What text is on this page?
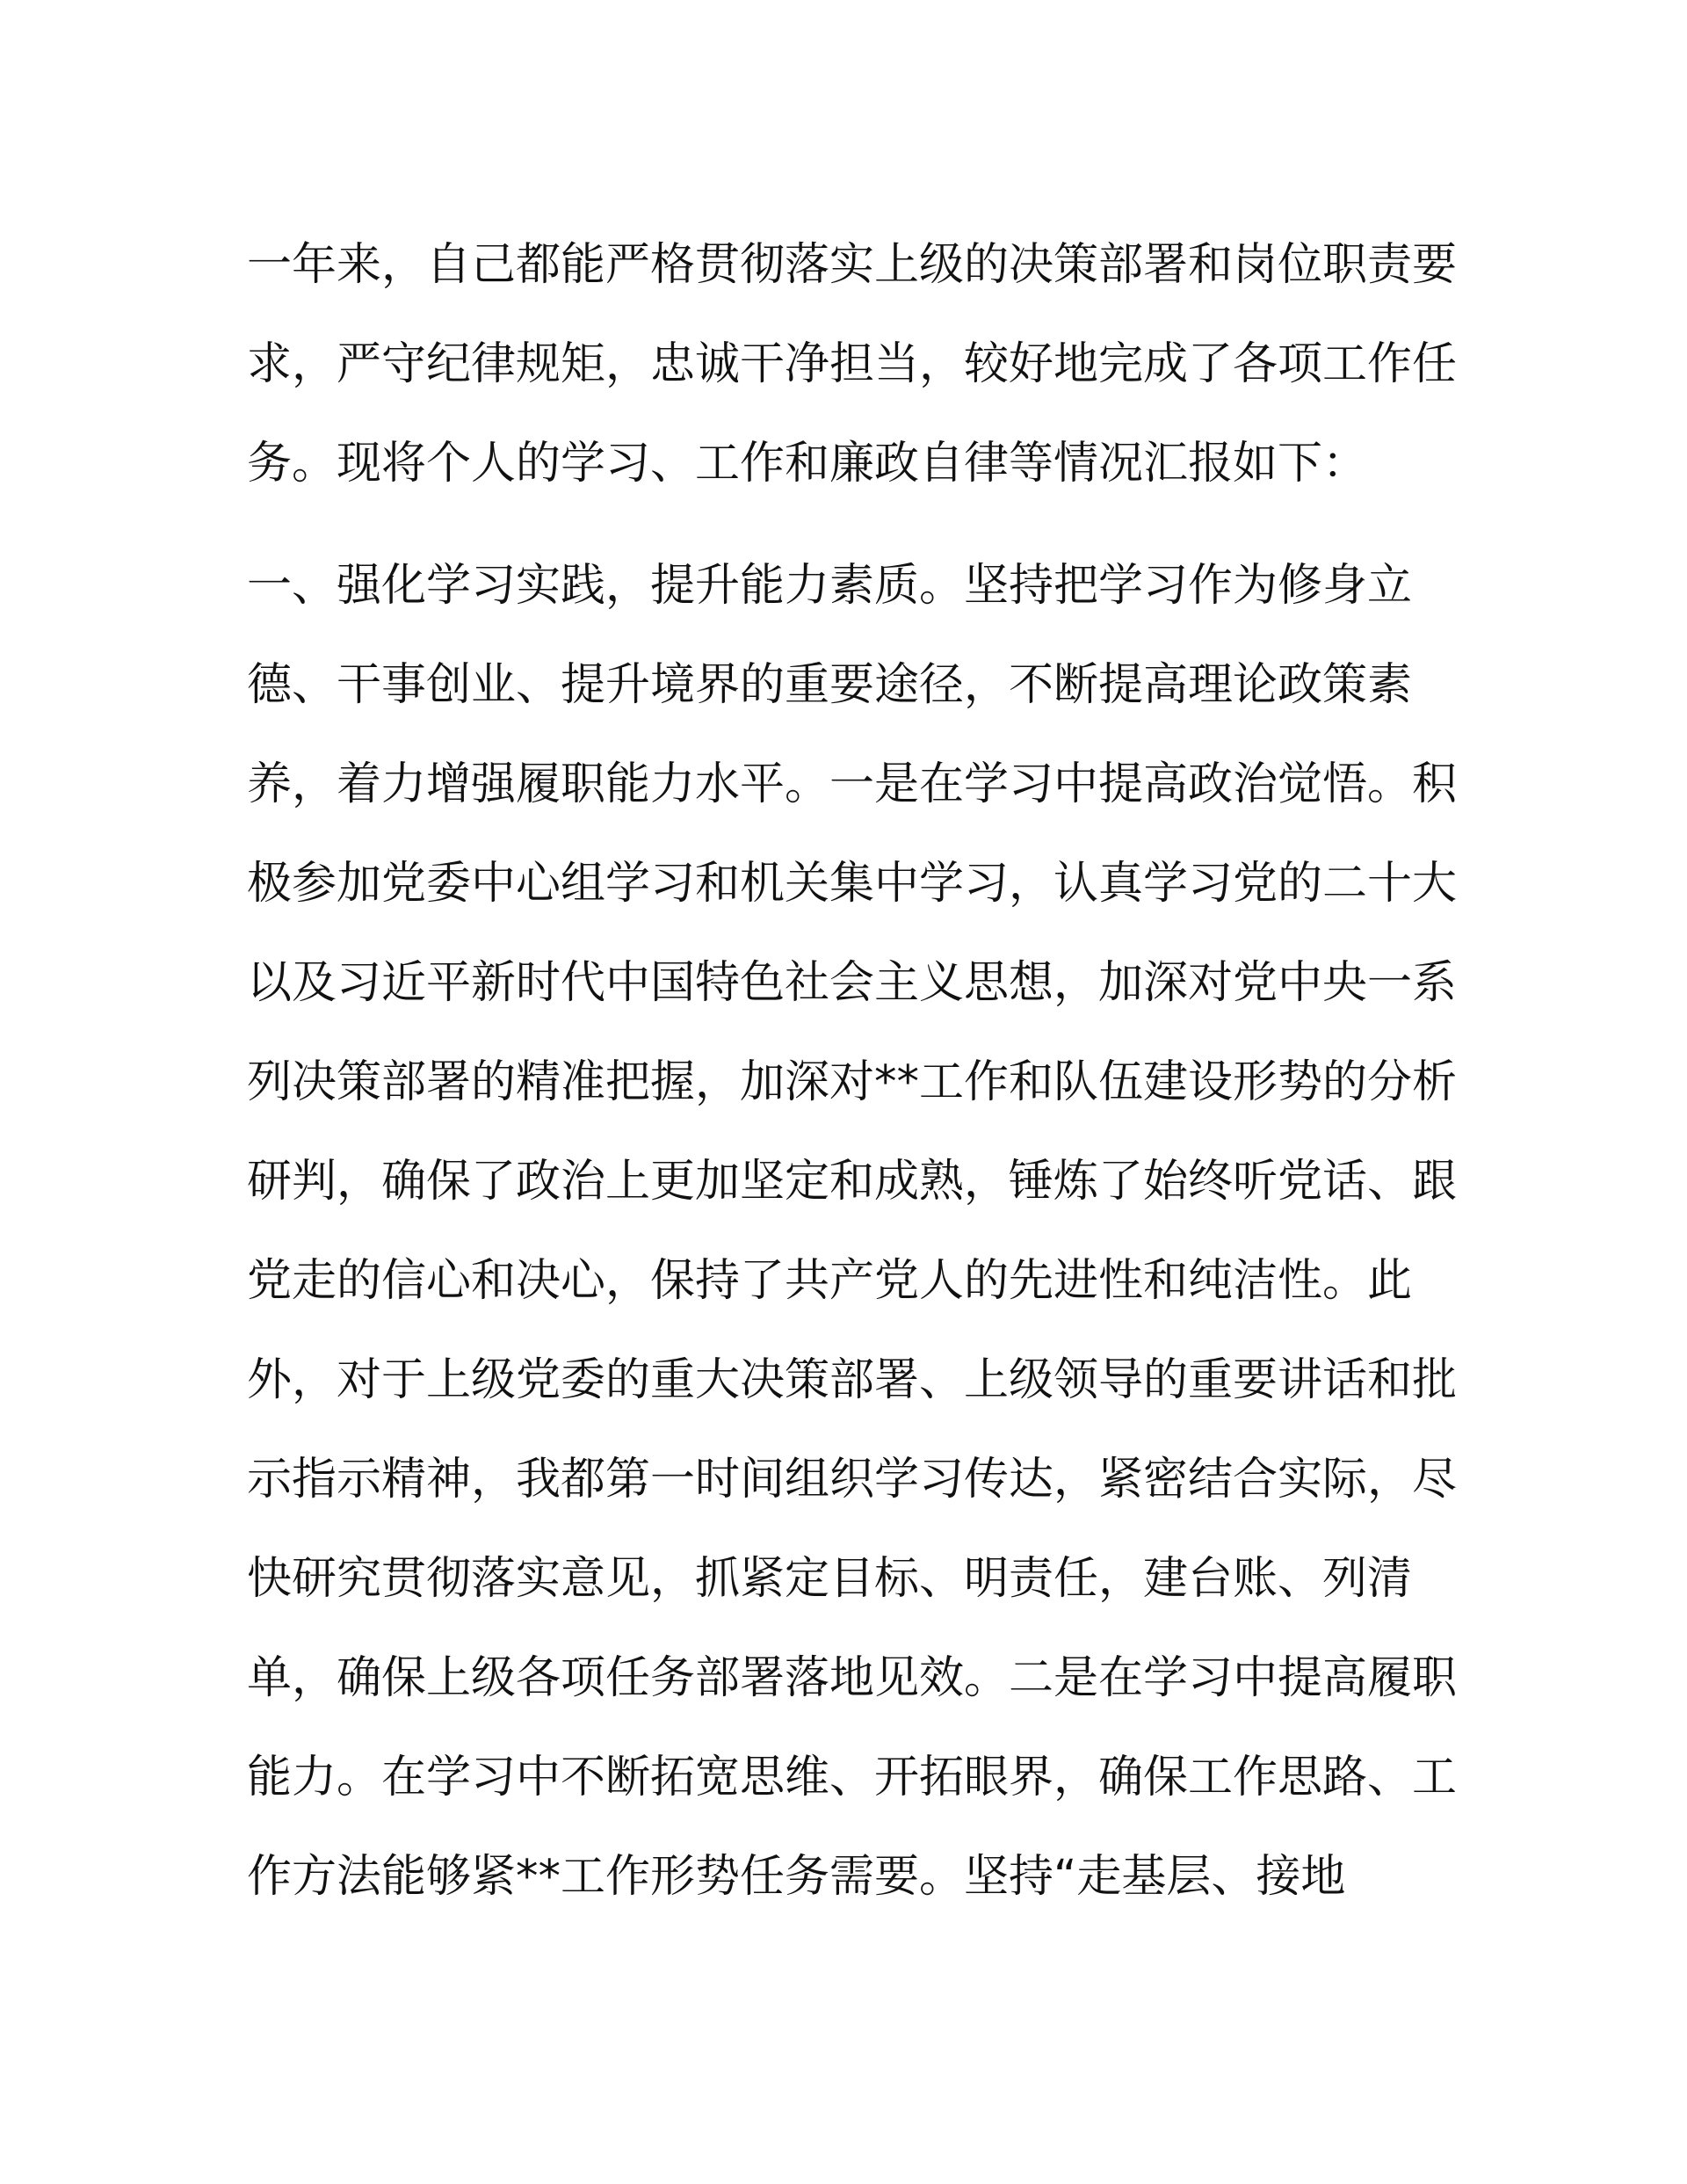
一年来，自己都能严格贯彻落实上级的决策部署和岗位职责要
求，严守纪律规矩，忠诚干净担当，较好地完成了各项工作任
务。现将个人的学习、工作和廉政自律等情况汇报如下：
一、强化学习实践，提升能力素质。坚持把学习作为修身立
德、干事创业、提升境界的重要途径，不断提高理论政策素
养，着力增强履职能力水平。一是在学习中提高政治觉悟。积
极参加党委中心组学习和机关集中学习，认真学习党的二十大
以及习近平新时代中国特色社会主义思想，加深对党中央一系
列决策部署的精准把握，加深对**工作和队伍建设形势的分析
研判，确保了政治上更加坚定和成熟，锤炼了始终听党话、跟
党走的信心和决心，保持了共产党人的先进性和纯洁性。此
外，对于上级党委的重大决策部署、上级领导的重要讲话和批
示指示精神，我都第一时间组织学习传达，紧密结合实际，尽
快研究贯彻落实意见，抓紧定目标、明责任，建台账、列清
单，确保上级各项任务部署落地见效。二是在学习中提高履职
能力。在学习中不断拓宽思维、开拓眼界，确保工作思路、工
作方法能够紧**工作形势任务需要。坚持“走基层、接地
